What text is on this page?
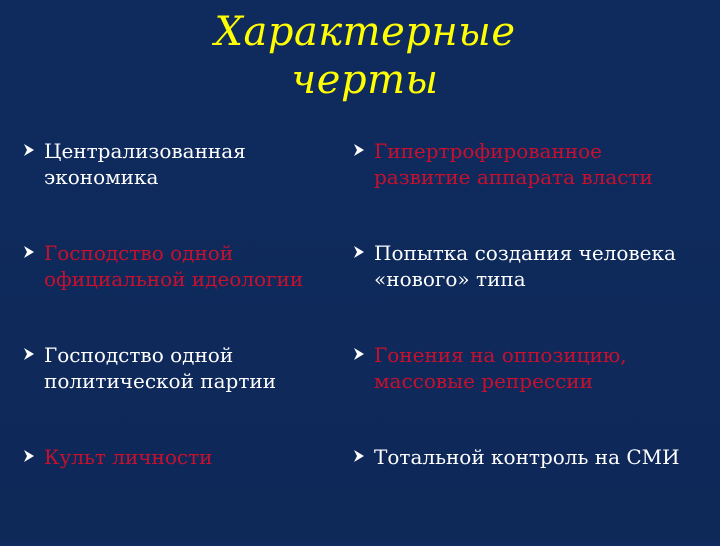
Характерные
черты
Централизованная
экономика
Господство одной
официальной идеологии
Господство одной
политической партии
Культ личности
Гипертрофированное
развитие аппарата власти
Попытка создания человека
«нового» типа
Гонения на оппозицию,
массовые репрессии
Тотальной контроль на СМИ
